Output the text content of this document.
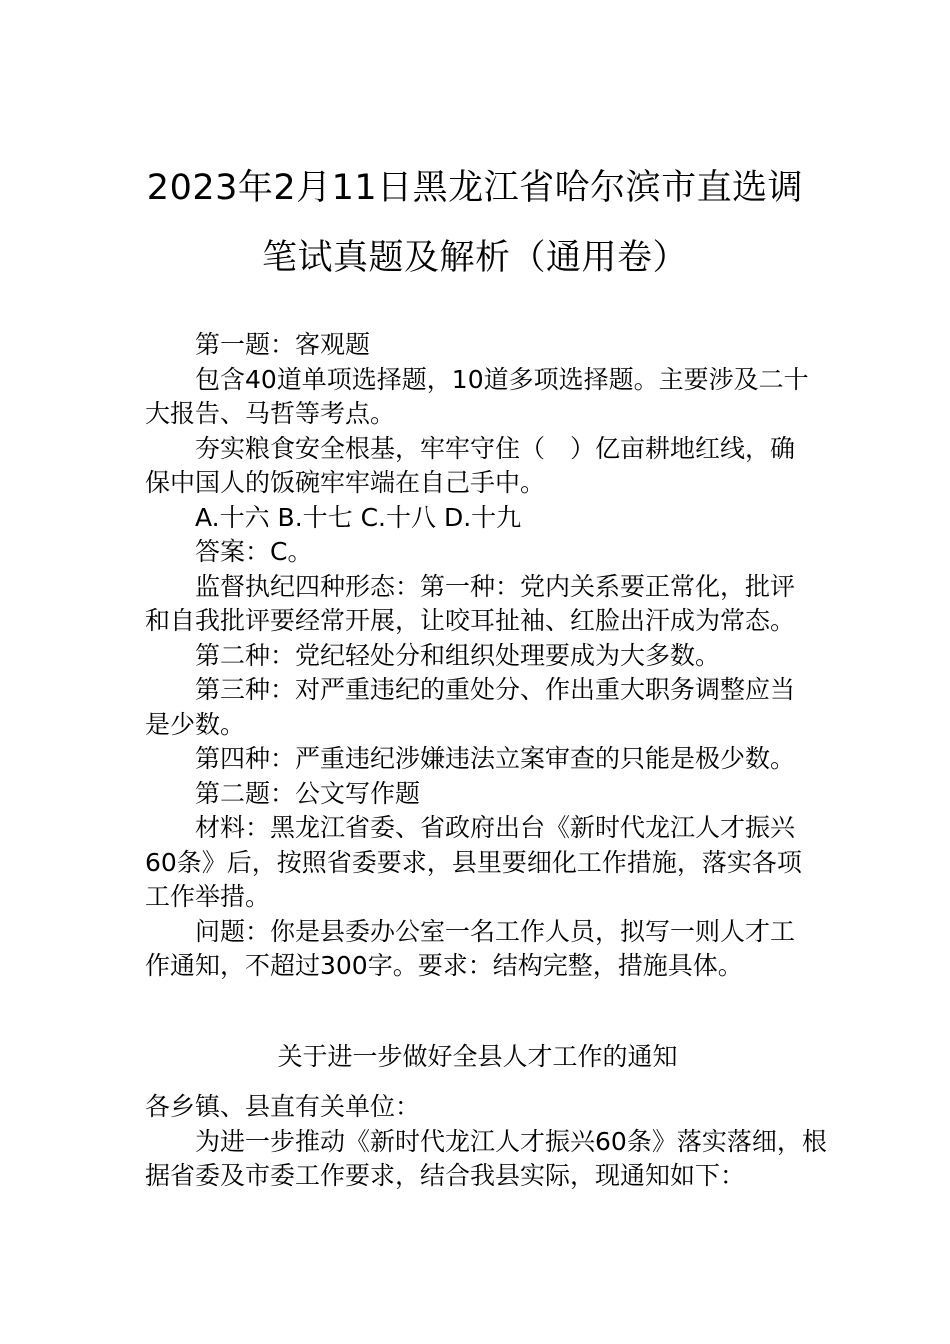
2023年2月11日黑龙江省哈尔滨市直选调
笔试真题及解析（通用卷）

第一题：客观题

包含40道单项选择题，10道多项选择题。主要涉及二十大报告、马哲等考点。

夯实粮食安全根基，牢牢守住（　）亿亩耕地红线，确保中国人的饭碗牢牢端在自己手中。

A.十六 B.十七 C.十八 D.十九

答案：C。

监督执纪四种形态：第一种：党内关系要正常化，批评和自我批评要经常开展，让咬耳扯袖、红脸出汗成为常态。

第二种：党纪轻处分和组织处理要成为大多数。

第三种：对严重违纪的重处分、作出重大职务调整应当是少数。

第四种：严重违纪涉嫌违法立案审查的只能是极少数。

第二题：公文写作题

材料：黑龙江省委、省政府出台《新时代龙江人才振兴60条》后，按照省委要求，县里要细化工作措施，落实各项工作举措。

问题：你是县委办公室一名工作人员，拟写一则人才工作通知，不超过300字。要求：结构完整，措施具体。

关于进一步做好全县人才工作的通知

各乡镇、县直有关单位：

为进一步推动《新时代龙江人才振兴60条》落实落细，根据省委及市委工作要求，结合我县实际，现通知如下：
